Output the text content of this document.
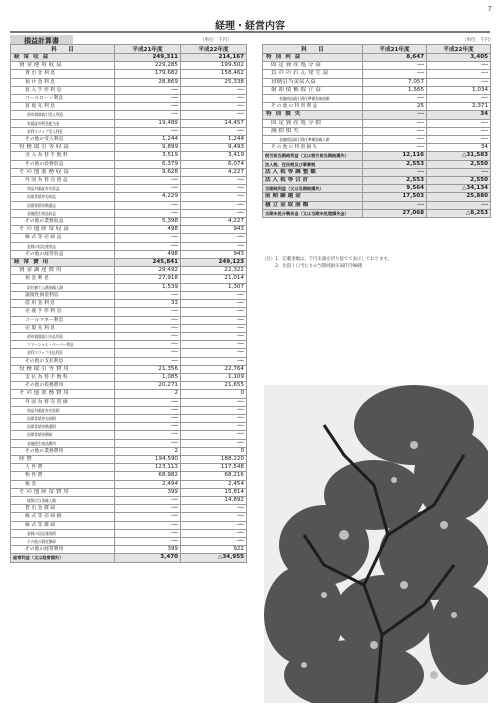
7
経理・経営内容
損益計算書	（単位：千円）	（単位：千円）
科　　目	平成21年度	平成22年度
経 常 収 益	249,311	214,167
資 金 運 用 収 益	229,285	199,502
貸 出 金 利 息	179,682	158,462
預 け 金 利 息	28,869	25,338
買 入 手 形 利 息	──	──
コールローン利息	──	──
買 現 先 利 息	──	──
債券貸借取引受入利息	──	──
有価証券利息配当金	19,489	14,457
金利スワップ受入利息	──	──
その他の受入利息	1,244	1,244
役 務 取 引 等 収 益	9,899	9,493
受 入 為 替 手 数 料	3,519	3,419
その他の役務収益	6,379	6,074
そ の 他 業 務 収 益	9,628	4,227
外 国 為 替 売 買 益	──	──
商品有価証券売買益	──	──
国債等債券売却益	4,229	──
国債等債券償還益	──	──
金融派生商品収益	──	──
その他の業務収益	5,398	4,227
そ の 他 経 常 収 益	498	943
株 式 等 売 却 益	──	──
金銭の信託運用益	──	──
その他の経常収益	498	943
経 常 費 用	245,841	249,123
資 金 調 達 費 用	29,492	22,322
預 金 利 息	27,918	21,014
給付補てん備金繰入額	1,539	1,307
譲渡性預金利息	──	──
借 用 金 利 息	33	──
売 渡 手 形 利 息	──	──
コールマネー利息	──	──
売 現 先 利 息	──	──
債券貸借取引支払利息	──	──
コマーシャル・ペーパー利息	──	──
金利スワップ支払利息	──	──
その他の支払利息	──	──
役 務 取 引 等 費 用	21,356	22,764
支 払 為 替 手 数 料	1,085	1,109
その他の役務費用	20,271	21,655
そ の 他 業 務 費 用	2	0
外 国 為 替 売 買 損	──	──
商品有価証券売買損	──	──
国債等債券売却損	──	──
国債等債券償還損	──	──
国債等債券償却	──	──
金融派生商品費用	──	──
その他の業務費用	2	0
経 費	194,590	188,220
人 件 費	123,113	117,548
物 件 費	68,982	68,216
税 金	2,494	2,454
そ の 他 経 常 費 用	399	15,814
貸倒引当金繰入額	──	14,892
貸 出 金 償 却	──	──
株 式 等 売 却 損	──	──
株 式 等 償 却	──	──
金銭の信託運用損	──	──
その他の資産償却	──	──
その他の経常費用	399	922
経常利益（又は経常損失）	3,470	△34,955
科　　目	平成21年度	平成22年度
特 別 利 益	8,647	3,405
固 定 資 産 処 分 益	──	──
負 の の れ ん 発 生 益	──	──
貸倒引当金戻入益	7,057	──
償 却 債 権 取 立 益	1,565	1,034
金融商品取引責任準備金取崩額	──	──
そ の 他 の 特 別 利 益	25	2,371
特 別 損 失	──	34
固 定 資 産 処 分 損	──	──
減 損 損 失	──	──
金融商品取引責任準備金繰入額	──	──
そ の 他 の 特 別 損 失	──	34
税引前当期純利益（又は税引前当期純損失）	12,116	△31,583
法人税、住民税及び事業税	2,553	2,550
法 人 税 等 調 整 額	──	──
法 人 税 等 合 計	2,553	2,550
当期純利益（又は当期純損失）	9,564	△34,134
前 期 繰 越 金	17,503	25,880
積 立 金 取 崩 額	──	──
当期未処分剰余金（又は当期未処理損失金）	27,068	△8,253
（注）1．記載金額は、千円未満を切り捨てて表示しております。
　　　2．出資１口当たりの当期純損失387円98銭
